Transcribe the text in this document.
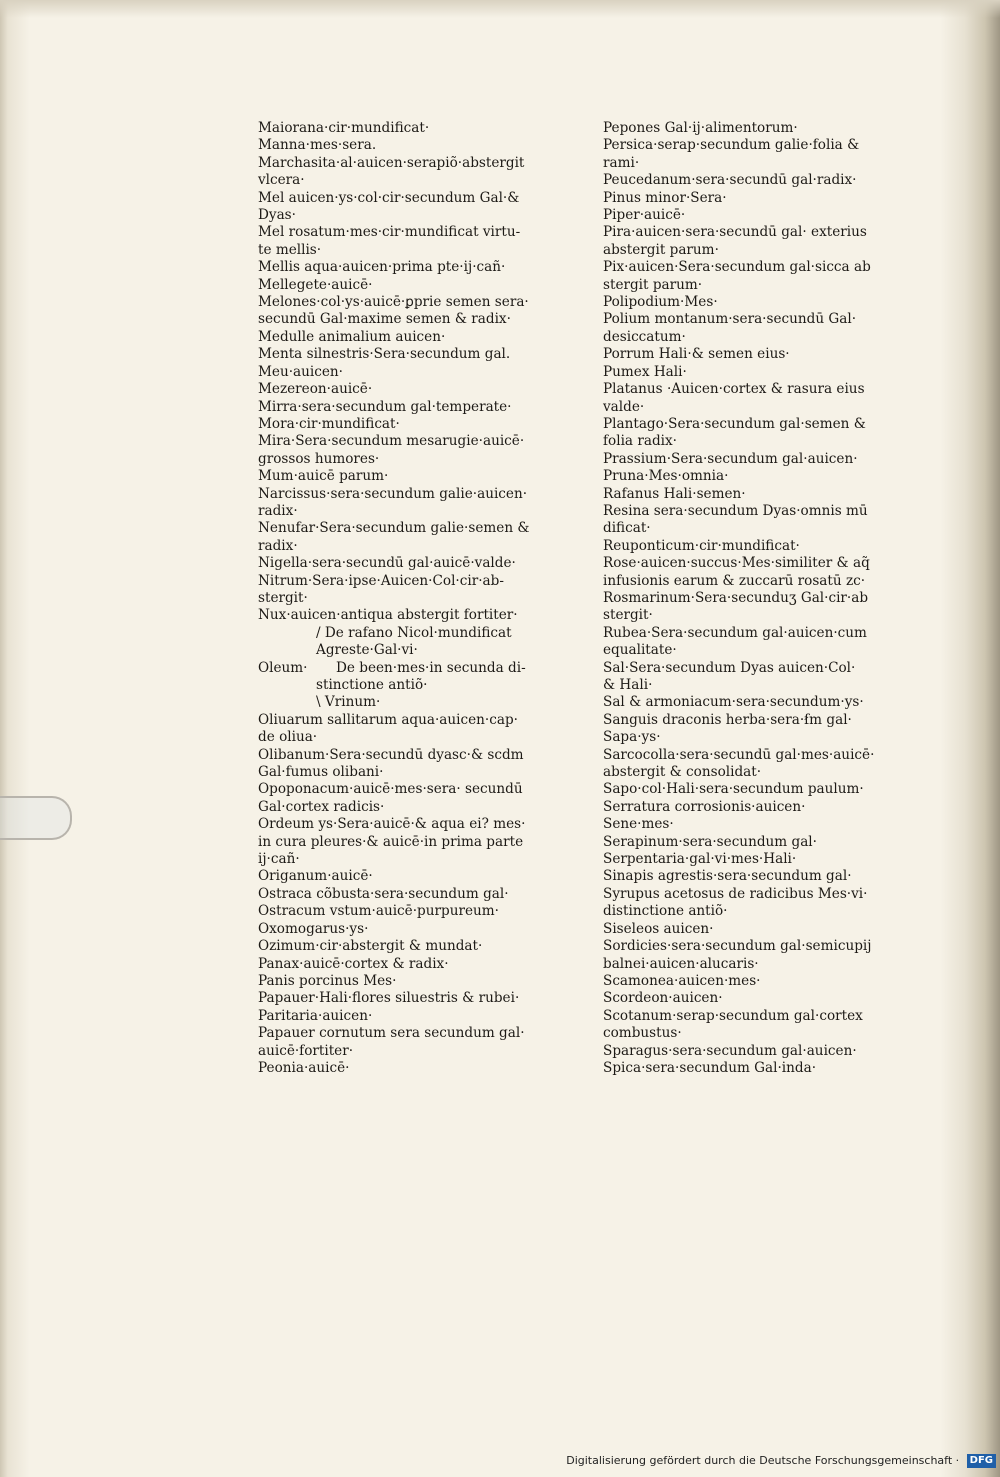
Maiorana·cir·mundificat·
Manna·mes·sera.
Marchasita·al·auicen·serapiõ·abstergit
vlcera·
Mel auicen·ys·col·cir·secundum Gal·&
Dyas·
Mel rosatum·mes·cir·mundificat virtu-
te mellis·
Mellis aqua·auicen·prima pte·ij·cañ·
Mellegete·auicē·
Melones·col·ys·auicē·ꝑprie semen sera·
secundū Gal·maxime semen & radix·
Medulle animalium auicen·
Menta silnestris·Sera·secundum gal.
Meu·auicen·
Mezereon·auicē·
Mirra·sera·secundum gal·temperate·
Mora·cir·mundificat·
Mira·Sera·secundum mesarugie·auicē·
grossos humores·
Mum·auicē parum·
Narcissus·sera·secundum galie·auicen·
radix·
Nenufar·Sera·secundum galie·semen &
radix·
Nigella·sera·secundū gal·auicē·valde·
Nitrum·Sera·ipse·Auicen·Col·cir·ab-
stergit·
Nux·auicen·antiqua abstergit fortiter·
/ De rafano Nicol·mundificat
Agreste·Gal·vi·
Oleum·	De been·mes·in secunda di-
stinctione antiõ·
\ Vrinum·
Oliuarum sallitarum aqua·auicen·cap·
de oliua·
Olibanum·Sera·secundū dyasc·& scdm
Gal·fumus olibani·
Opoponacum·auicē·mes·sera· secundū
Gal·cortex radicis·
Ordeum ys·Sera·auicē·& aqua ei? mes·
in cura pleures·& auicē·in prima parte
ij·cañ·
Origanum·auicē·
Ostraca cõbusta·sera·secundum gal·
Ostracum vstum·auicē·purpureum·
Oxomogarus·ys·
Ozimum·cir·abstergit & mundat·
Panax·auicē·cortex & radix·
Panis porcinus Mes·
Papauer·Hali·flores siluestris & rubei·
Paritaria·auicen·
Papauer cornutum sera secundum gal·
auicē·fortiter·
Peonia·auicē·
Pepones Gal·ij·alimentorum·
Persica·serap·secundum galie·folia &
rami·
Peucedanum·sera·secundū gal·radix·
Pinus minor·Sera·
Piper·auicē·
Pira·auicen·sera·secundū gal· exterius
abstergit parum·
Pix·auicen·Sera·secundum gal·sicca ab
stergit parum·
Polipodium·Mes·
Polium montanum·sera·secundū Gal·
desiccatum·
Porrum Hali·& semen eius·
Pumex Hali·
Platanus ·Auicen·cortex & rasura eius
valde·
Plantago·Sera·secundum gal·semen &
folia radix·
Prassium·Sera·secundum gal·auicen·
Pruna·Mes·omnia·
Rafanus Hali·semen·
Resina sera·secundum Dyas·omnis mū
dificat·
Reuponticum·cir·mundificat·
Rose·auicen·succus·Mes·similiter & aq̃
infusionis earum & zuccarū rosatū zc·
Rosmarinum·Sera·secunduʒ Gal·cir·ab
stergit·
Rubea·Sera·secundum gal·auicen·cum
equalitate·
Sal·Sera·secundum Dyas auicen·Col·
& Hali·
Sal & armoniacum·sera·secundum·ys·
Sanguis draconis herba·sera·ẜm gal·
Sapa·ys·
Sarcocolla·sera·secundū gal·mes·auicē·
abstergit & consolidat·
Sapo·col·Hali·sera·secundum paulum·
Serratura corrosionis·auicen·
Sene·mes·
Serapinum·sera·secundum gal·
Serpentaria·gal·vi·mes·Hali·
Sinapis agrestis·sera·secundum gal·
Syrupus acetosus de radicibus Mes·vi·
distinctione antiõ·
Siseleos auicen·
Sordicies·sera·secundum gal·semicupij
balnei·auicen·alucaris·
Scamonea·auicen·mes·
Scordeon·auicen·
Scotanum·serap·secundum gal·cortex
combustus·
Sparagus·sera·secundum gal·auicen·
Spica·sera·secundum Gal·inda·
Digitalisierung gefördert durch die Deutsche Forschungsgemeinschaft · DFG
